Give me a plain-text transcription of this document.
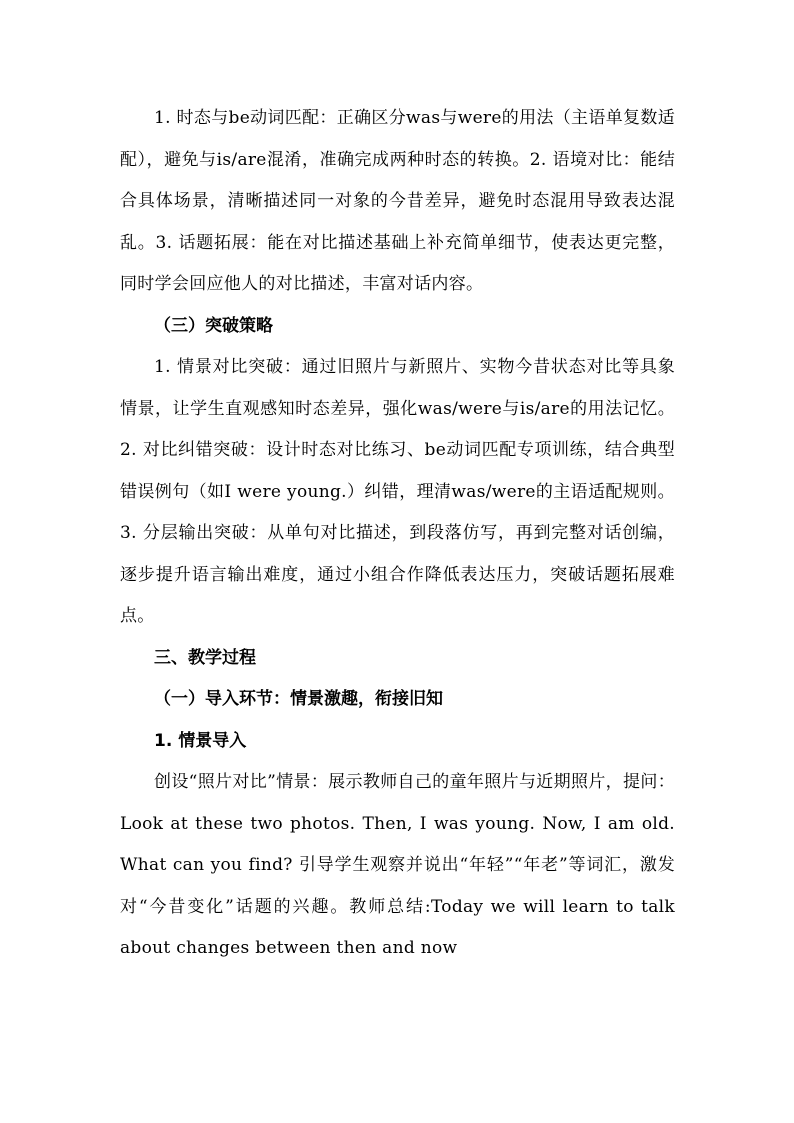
1. 时态与be动词匹配：正确区分was与were的用法（主语单复数适配），避免与is/are混淆，准确完成两种时态的转换。2. 语境对比：能结合具体场景，清晰描述同一对象的今昔差异，避免时态混用导致表达混乱。3. 话题拓展：能在对比描述基础上补充简单细节，使表达更完整，同时学会回应他人的对比描述，丰富对话内容。

（三）突破策略

1. 情景对比突破：通过旧照片与新照片、实物今昔状态对比等具象情景，让学生直观感知时态差异，强化was/were与is/are的用法记忆。2. 对比纠错突破：设计时态对比练习、be动词匹配专项训练，结合典型错误例句（如I were young.）纠错，理清was/were的主语适配规则。3. 分层输出突破：从单句对比描述，到段落仿写，再到完整对话创编，逐步提升语言输出难度，通过小组合作降低表达压力，突破话题拓展难点。

三、教学过程

（一）导入环节：情景激趣，衔接旧知

1. 情景导入

创设“照片对比”情景：展示教师自己的童年照片与近期照片，提问：Look at these two photos. Then, I was young. Now, I am old. What can you find? 引导学生观察并说出“年轻”“年老”等词汇，激发对“今昔变化”话题的兴趣。教师总结:Today we will learn to talk about changes between then and now
